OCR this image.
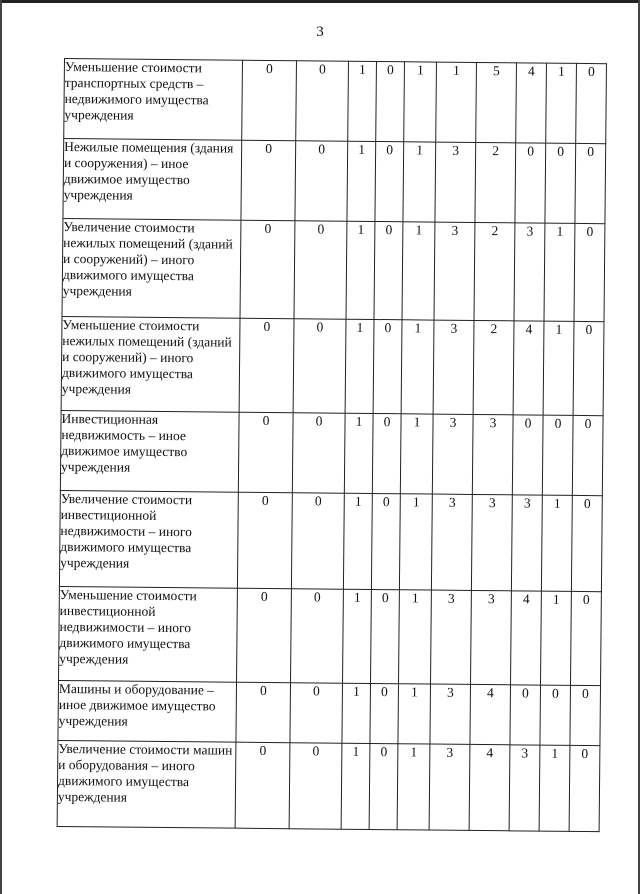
3
Уменьшение стоимости транспортных средств – недвижимого имущества учреждения	0	0	1	0	1	1	5	4	1	0
Нежилые помещения (здания и сооружения) – иное движимое имущество учреждения	0	0	1	0	1	3	2	0	0	0
Увеличение стоимости нежилых помещений (зданий и сооружений) – иного движимого имущества учреждения	0	0	1	0	1	3	2	3	1	0
Уменьшение стоимости нежилых помещений (зданий и сооружений) – иного движимого имущества учреждения	0	0	1	0	1	3	2	4	1	0
Инвестиционная недвижимость – иное движимое имущество учреждения	0	0	1	0	1	3	3	0	0	0
Увеличение стоимости инвестиционной недвижимости – иного движимого имущества учреждения	0	0	1	0	1	3	3	3	1	0
Уменьшение стоимости инвестиционной недвижимости – иного движимого имущества учреждения	0	0	1	0	1	3	3	4	1	0
Машины и оборудование – иное движимое имущество учреждения	0	0	1	0	1	3	4	0	0	0
Увеличение стоимости машин и оборудования – иного движимого имущества учреждения	0	0	1	0	1	3	4	3	1	0
